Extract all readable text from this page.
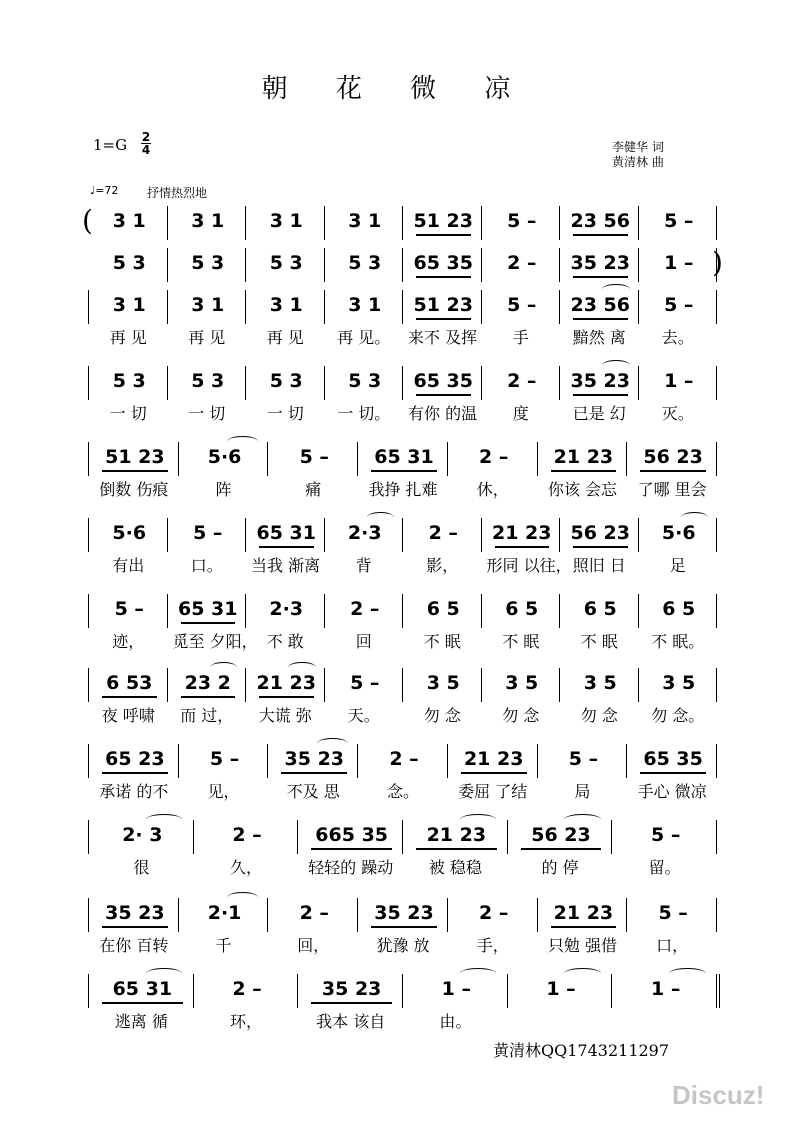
朝 花 微 凉
1=G 2
4	李健华 词
黄清林 曲
♩=72 抒情热烈地
3 1	3 1	3 1	3 1	51 23	5 –	23 56	5 –
(
5 3	5 3	5 3	5 3	65 35	2 –	35 23	1 – )
3 1
再 见
3 1
再 见
3 1
再 见
3 1
再 见。
51 23
来不 及挥
5 –
手
23 56
黯然 离
5 –
去。
5 3
一 切
5 3
一 切
5 3
一 切
5 3
一 切。
65 35
有你 的温
2 –
度
35 23
已是 幻
1 –
灭。
51 23
倒数 伤痕
5·6
阵
5 –
痛
65 31
我挣 扎难
2 –
休，
21 23
你该 会忘
56 23
了哪 里会
5·6
有出
5 –
口。
65 31
当我 渐离
2·3
背
2 –
影，
21 23
形同 以往，
56 23
照旧 日
5·6
足
5 –
迹，
65 31
觅至 夕阳，
2·3
不 敢
2 –
回
6 5
不 眠
6 5
不 眠
6 5
不 眠
6 5
不 眠。
6 53
夜 呼啸
23 2
而 过，
21 23
大谎 弥
5 –
天。
3 5
勿 念
3 5
勿 念
3 5
勿 念
3 5
勿 念。
65 23
承诺 的不
5 –
见，
35 23
不及 思
2 –
念。
21 23
委屈 了结
5 –
局
65 35
手心 微凉
2· 3
很
2 –
久，
665 35
轻轻的 躁动
21 23
被 稳稳
56 23
的 停
5 –
留。
35 23
在你 百转
2·1
千
2 –
回，
35 23
犹豫 放
2 –
手，
21 23
只勉 强借
5 –
口，
65 31
逃离 循
2 –
环，
35 23
我本 该自
1 –
由。
1 –	1 –
黄清林QQ1743211297
Discuz!
